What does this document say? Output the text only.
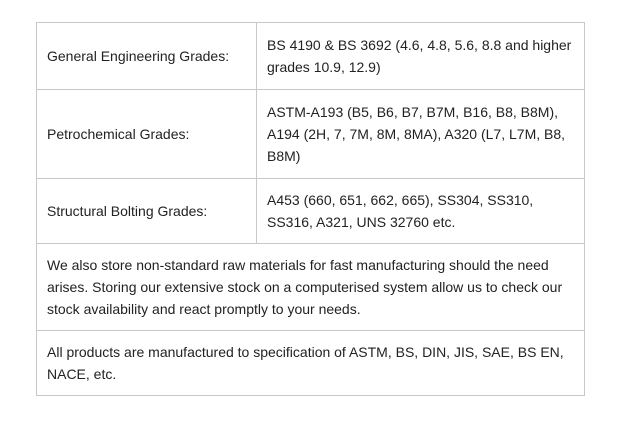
General Engineering Grades:	BS 4190 & BS 3692 (4.6, 4.8, 5.6, 8.8 and higher grades 10.9, 12.9)
Petrochemical Grades:	ASTM-A193 (B5, B6, B7, B7M, B16, B8, B8M), A194 (2H, 7, 7M, 8M, 8MA), A320 (L7, L7M, B8, B8M)
Structural Bolting Grades:	A453 (660, 651, 662, 665), SS304, SS310, SS316, A321, UNS 32760 etc.
We also store non-standard raw materials for fast manufacturing should the need arises. Storing our extensive stock on a computerised system allow us to check our stock availability and react promptly to your needs.	
All products are manufactured to specification of ASTM, BS, DIN, JIS, SAE, BS EN, NACE, etc.	
